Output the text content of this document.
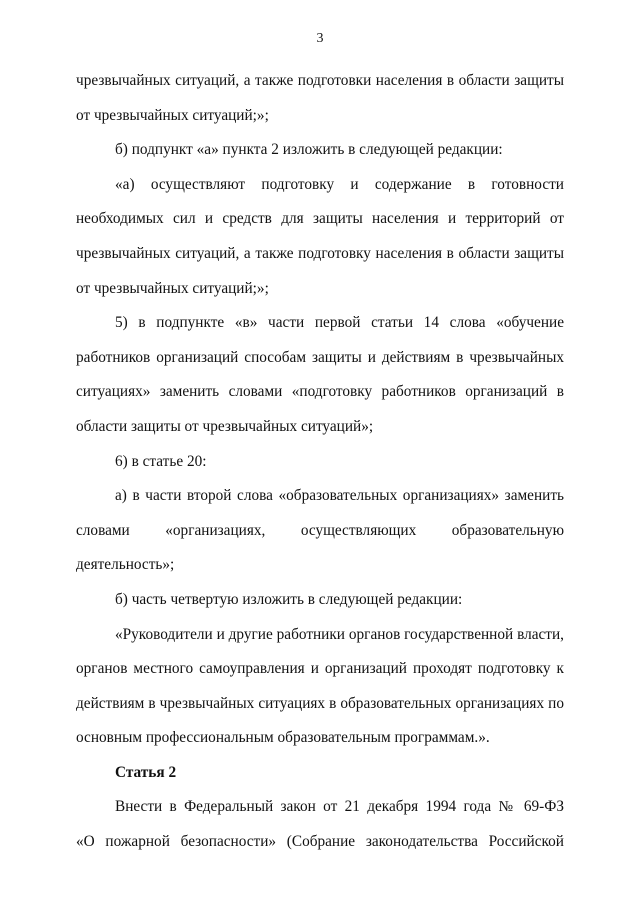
3

чрезвычайных ситуаций, а также подготовки населения в области защиты
от чрезвычайных ситуаций;»;

б) подпункт «а» пункта 2 изложить в следующей редакции:

«а) осуществляют подготовку и содержание в готовности

необходимых сил и средств для защиты населения и территорий от
чрезвычайных ситуаций, а также подготовку населения в области защиты
от чрезвычайных ситуаций;»;

5) в подпункте «в» части первой статьи 14 слова «обучение

работников организаций способам защиты и действиям в чрезвычайных
ситуациях» заменить словами «подготовку работников организаций в
области защиты от чрезвычайных ситуаций»;

6) в статье 20:

а) в части второй слова «образовательных организациях» заменить

словами «организациях, осуществляющих образовательную деятельность»;

б) часть четвертую изложить в следующей редакции:

«Руководители и другие работники органов государственной власти,

органов местного самоуправления и организаций проходят подготовку к
действиям в чрезвычайных ситуациях в образовательных организациях по
основным профессиональным образовательным программам.».

Статья 2

Внести в Федеральный закон от 21 декабря 1994 года № 69-ФЗ

«О пожарной безопасности» (Собрание законодательства Российской
